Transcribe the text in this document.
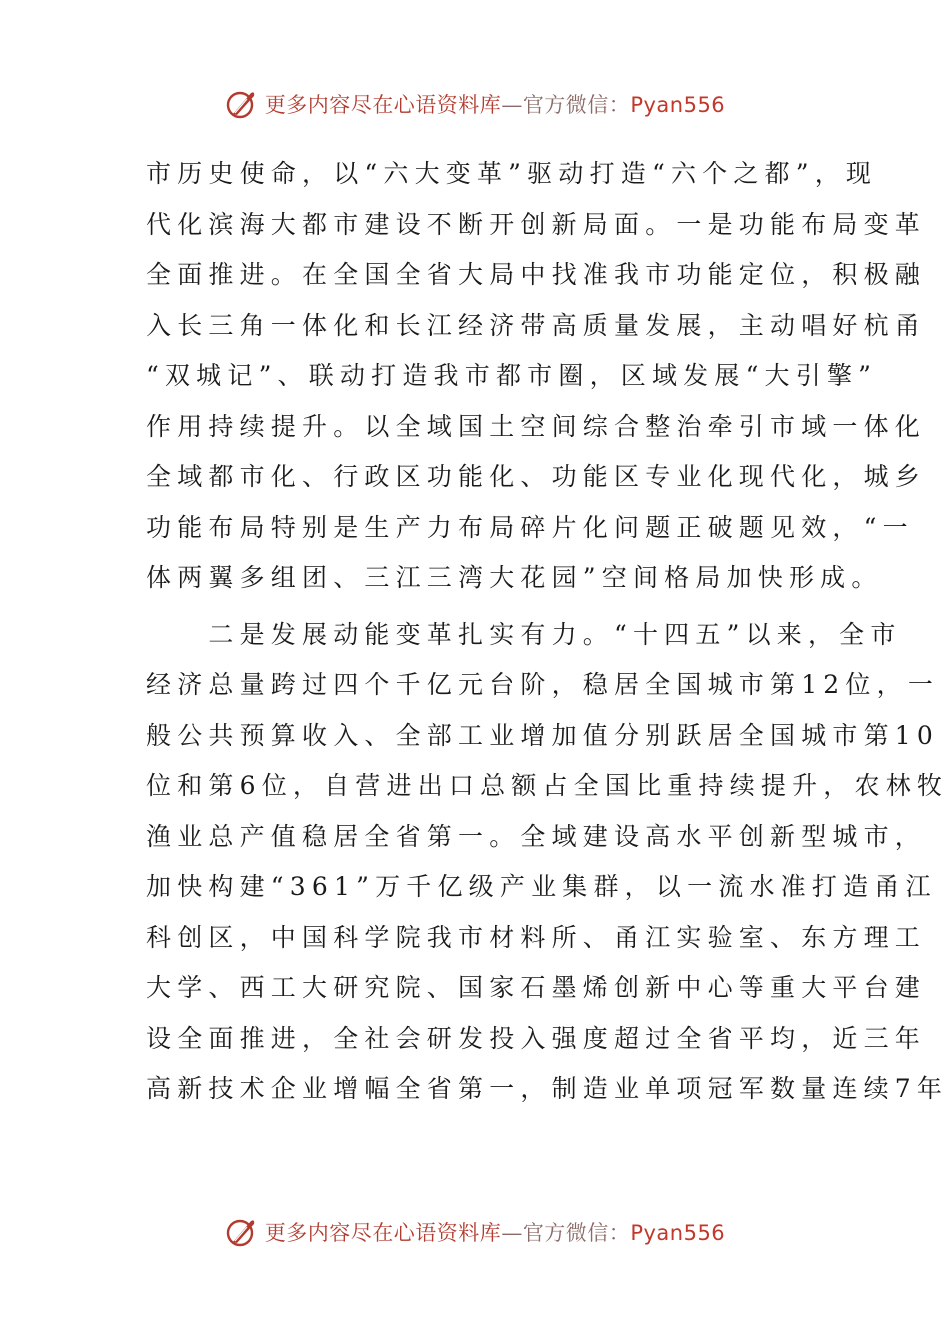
更多内容尽在心语资料库—官方微信：Pyan556
市历史使命，以“六大变革”驱动打造“六个之都”，现
代化滨海大都市建设不断开创新局面。一是功能布局变革
全面推进。在全国全省大局中找准我市功能定位，积极融
入长三角一体化和长江经济带高质量发展，主动唱好杭甬
“双城记”、联动打造我市都市圈，区域发展“大引擎”
作用持续提升。以全域国土空间综合整治牵引市域一体化
全域都市化、行政区功能化、功能区专业化现代化，城乡
功能布局特别是生产力布局碎片化问题正破题见效，“一
体两翼多组团、三江三湾大花园”空间格局加快形成。
　　二是发展动能变革扎实有力。“十四五”以来，全市
经济总量跨过四个千亿元台阶，稳居全国城市第12位，一
般公共预算收入、全部工业增加值分别跃居全国城市第10
位和第6位，自营进出口总额占全国比重持续提升，农林牧
渔业总产值稳居全省第一。全域建设高水平创新型城市，
加快构建“361”万千亿级产业集群，以一流水准打造甬江
科创区，中国科学院我市材料所、甬江实验室、东方理工
大学、西工大研究院、国家石墨烯创新中心等重大平台建
设全面推进，全社会研发投入强度超过全省平均，近三年
高新技术企业增幅全省第一，制造业单项冠军数量连续7年
更多内容尽在心语资料库—官方微信：Pyan556
